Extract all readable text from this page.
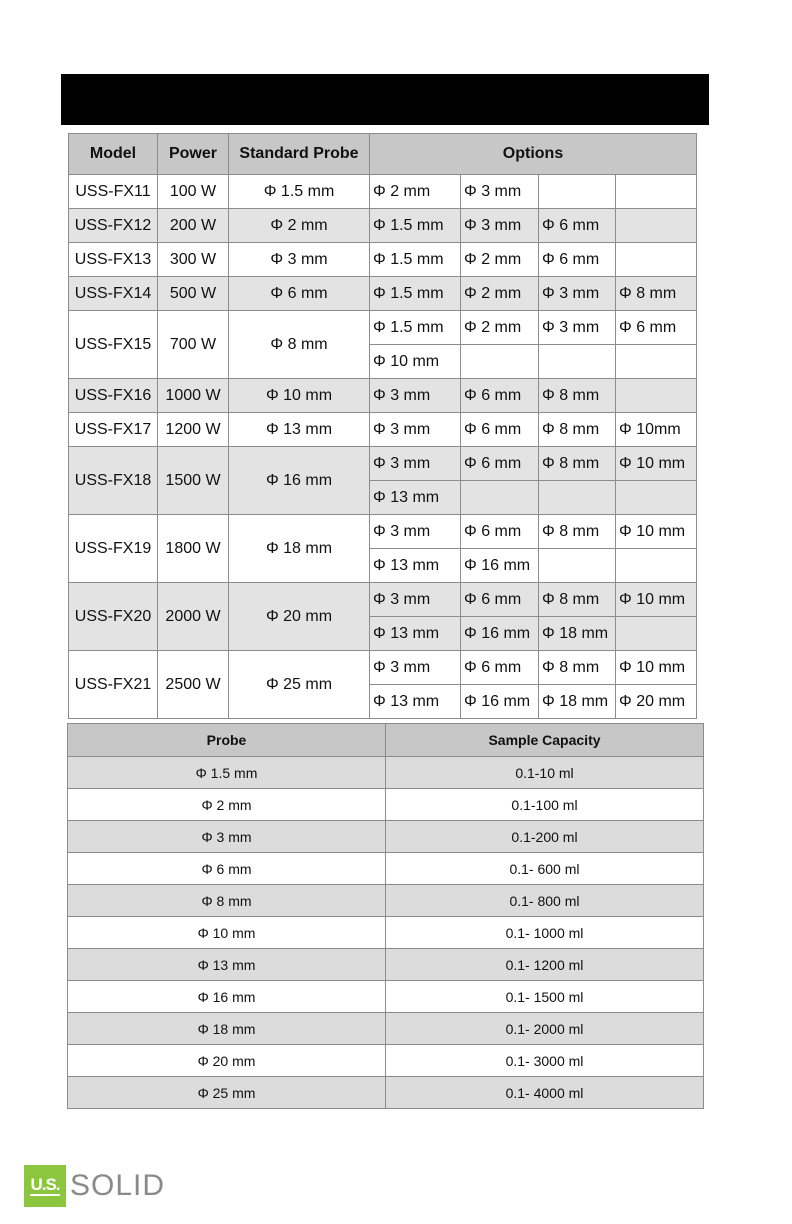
Model	Power	Standard Probe	Options			
USS-FX11	100 W	Φ 1.5 mm	Φ 2 mm	Φ 3 mm		
USS-FX12	200 W	Φ 2 mm	Φ 1.5 mm	Φ 3 mm	Φ 6 mm	
USS-FX13	300 W	Φ 3 mm	Φ 1.5 mm	Φ 2 mm	Φ 6 mm	
USS-FX14	500 W	Φ 6 mm	Φ 1.5 mm	Φ 2 mm	Φ 3 mm	Φ 8 mm
USS-FX15	700 W	Φ 8 mm	Φ 1.5 mm	Φ 2 mm	Φ 3 mm	Φ 6 mm
			Φ 10 mm			
USS-FX16	1000 W	Φ 10 mm	Φ 3 mm	Φ 6 mm	Φ 8 mm	
USS-FX17	1200 W	Φ 13 mm	Φ 3 mm	Φ 6 mm	Φ 8 mm	Φ 10mm
USS-FX18	1500 W	Φ 16 mm	Φ 3 mm	Φ 6 mm	Φ 8 mm	Φ 10 mm
			Φ 13 mm			
USS-FX19	1800 W	Φ 18 mm	Φ 3 mm	Φ 6 mm	Φ 8 mm	Φ 10 mm
			Φ 13 mm	Φ 16 mm		
USS-FX20	2000 W	Φ 20 mm	Φ 3 mm	Φ 6 mm	Φ 8 mm	Φ 10 mm
			Φ 13 mm	Φ 16 mm	Φ 18 mm	
USS-FX21	2500 W	Φ 25 mm	Φ 3 mm	Φ 6 mm	Φ 8 mm	Φ 10 mm
			Φ 13 mm	Φ 16 mm	Φ 18 mm	Φ 20 mm
Probe	Sample Capacity
Φ 1.5 mm	0.1-10 ml
Φ 2 mm	0.1-100 ml
Φ 3 mm	0.1-200 ml
Φ 6 mm	0.1- 600 ml
Φ 8 mm	0.1- 800 ml
Φ 10 mm	0.1- 1000 ml
Φ 13 mm	0.1- 1200 ml
Φ 16 mm	0.1- 1500 ml
Φ 18 mm	0.1- 2000 ml
Φ 20 mm	0.1- 3000 ml
Φ 25 mm	0.1- 4000 ml
U.S. SOLID
